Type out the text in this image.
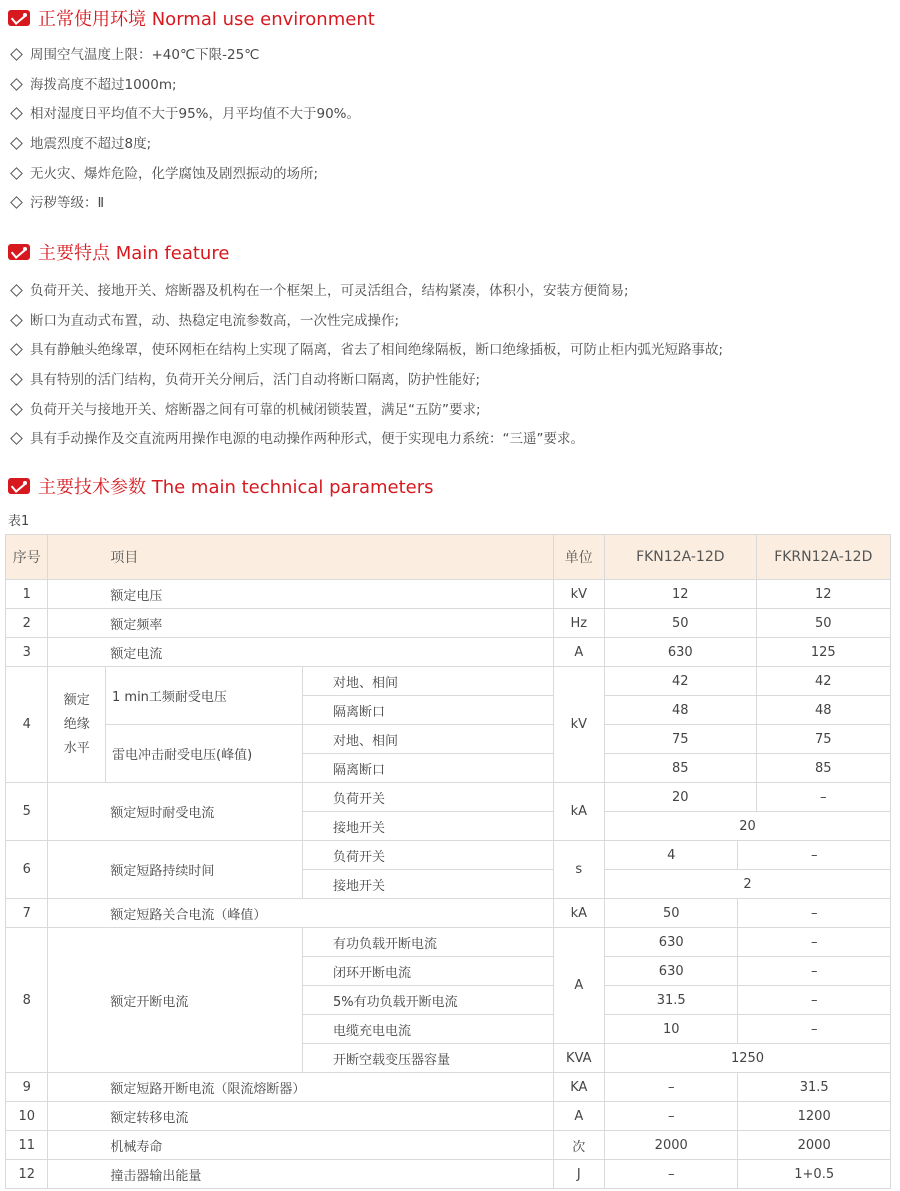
正常使用环境 Normal use environment
周围空气温度上限：+40℃下限-25℃
海拨高度不超过1000m;
相对湿度日平均值不大于95%，月平均值不大于90%。
地震烈度不超过8度;
无火灾、爆炸危险，化学腐蚀及剧烈振动的场所;
污秽等级：Ⅱ
主要特点 Main feature
负荷开关、接地开关、熔断器及机构在一个框架上，可灵活组合，结构紧凑，体积小，安装方便简易;
断口为直动式布置，动、热稳定电流参数高，一次性完成操作;
具有静触头绝缘罩，使环网柜在结构上实现了隔离，省去了相间绝缘隔板，断口绝缘插板，可防止柜内弧光短路事故;
具有特别的活门结构，负荷开关分闸后，活门自动将断口隔离，防护性能好;
负荷开关与接地开关、熔断器之间有可靠的机械闭锁装置，满足“五防”要求;
具有手动操作及交直流两用操作电源的电动操作两种形式，便于实现电力系统：“三遥”要求。
主要技术参数 The main technical parameters
表1
序号	项目			单位	FKN12A-12D		FKRN12A-12D
1	额定电压			kV	12		12
2	额定频率			Hz	50		50
3	额定电流			A	630		125
4	额定绝缘水平	1 min工频耐受电压	对地、相间	kV	42		42
			隔离断口		48		48
		雷电冲击耐受电压(峰值)	对地、相间		75		75
			隔离断口		85		85
5	额定短时耐受电流		负荷开关	kA	20		–
			接地开关		20		
6	额定短路持续时间		负荷开关	s	4	–	
			接地开关		2		
7	额定短路关合电流（峰值）			kA	50	–	
8	额定开断电流		有功负载开断电流	A	630	–	
			闭环开断电流		630	–	
			5%有功负载开断电流		31.5	–	
			电缆充电电流		10	–	
			开断空载变压器容量	KVA	1250		
9	额定短路开断电流（限流熔断器）			KA	–	31.5	
10	额定转移电流			A	–	1200	
11	机械寿命			次	2000	2000	
12	撞击器输出能量			J	–	1+0.5	
